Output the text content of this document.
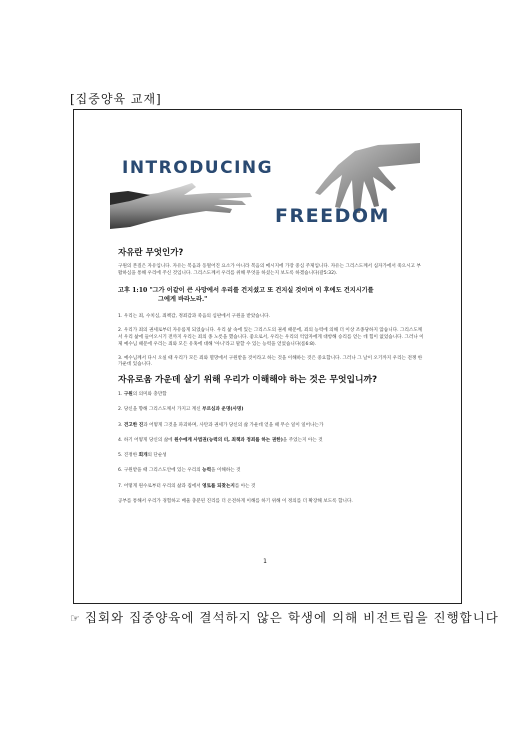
[집중양육 교재]
INTRODUCING
FREEDOM
자유란 무엇인가?

구원의 본질은 자유입니다. 자유는 복음과 동떨어진 요소가 아니라 복음의 메시지에 가장 중심 주제입니다. 자유는 그리스도께서 십자가에서 죽으시고 부활하심을 통해 우리에 주신 것입니다. 그리스도께서 우리를 위해 무엇을 하셨는지 보도록 하겠습니다(갈5:32).

고후 1:10 "그가 이같이 큰 사망에서 우리를 건지셨고 또 건지실 것이며 이 후에도 건지시기를
그에게 바라노라."

1. 우리는 죄, 수치심, 죄책감, 정죄감과 죽음의 심판에서 구원을 받았습니다.

2. 우리가 죄의 권세로부터 자유롭게 되었습니다. 우리 삶 속에 있는 그리스도의 권세 때문에, 죄의 능력에 의해 더 이상 조종당하지 않습니다. 그리스도께서 우리 삶에 들어오시기 전까지 우리는 죄의 종 노릇을 했습니다. 좋으로서, 우리는 우리의 억압자에게 대항해 승리를 얻는 데 힘이 없었습니다. 그러나 이제 예수님 때문에 우리는 죄와 모든 유혹에 대해 '아니'라고 말할 수 있는 능력을 얻었습니다(롬6:8).

3. 예수님께서 다시 오실 때 우리가 모든 죄와 멸망에서 구원받을 것이라고 하는 것을 이해하는 것은 중요합니다. 그러나 그 날이 오기까지 우리는 전쟁 한가운데 있습니다.

자유로움 가운데 살기 위해 우리가 이해해야 하는 것은 무엇입니까?
1. 구원의 의미와 충만함
2. 당신을 향해 그리스도께서 가지고 계신 부르심과 운명(사명)
3. 견고한 진과 어떻게 그것을 파괴하며, 사탄과 권세가 당신의 삶 가운데 얻을 때 무슨 일이 일어나는가
4. 하기 어떻게 당신의 삶에 원수에게 사법권(능력의 터, 죄책과 정죄를 하는 권한)을 주었는지 아는 것
5. 진정한 회개의 단순성
6. 구원받을 때 그리스도안에 있는 우리의 능력을 이해하는 것
7. 어떻게 원수로부터 우리의 삶과 집에서 영토를 되찾는지를 아는 것

공부를 통해서 우리가 경험하고 배울 충분된 진리를 더 온전하게 이해를 하기 위해 이 정의를 더 확장해 보도록 합니다.

1
☞ 집회와 집중양육에 결석하지 않은 학생에 의해 비전트립을 진행합니다
